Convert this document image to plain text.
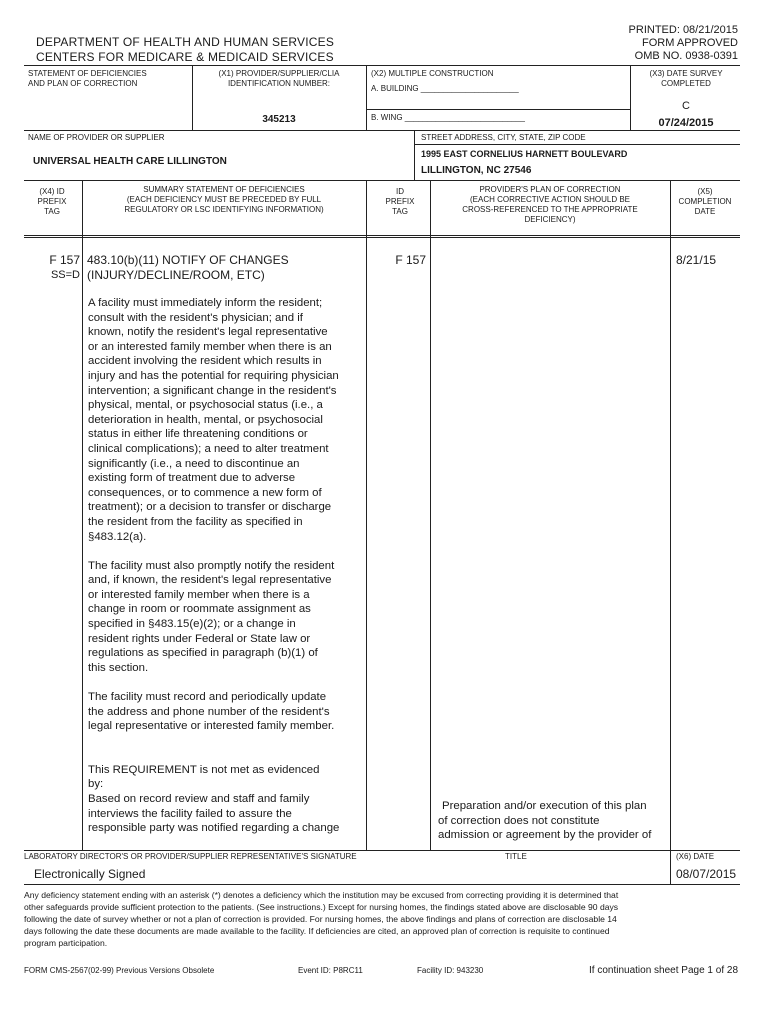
PRINTED: 08/21/2015
FORM APPROVED
OMB NO. 0938-0391
DEPARTMENT OF HEALTH AND HUMAN SERVICES
CENTERS FOR MEDICARE & MEDICAID SERVICES
STATEMENT OF DEFICIENCIES
AND PLAN OF CORRECTION
(X1) PROVIDER/SUPPLIER/CLIA
IDENTIFICATION NUMBER:
345213
(X2) MULTIPLE CONSTRUCTION
A. BUILDING ______________________
B. WING ___________________________
(X3) DATE SURVEY
COMPLETED
C
07/24/2015
NAME OF PROVIDER OR SUPPLIER
UNIVERSAL HEALTH CARE LILLINGTON
STREET ADDRESS, CITY, STATE, ZIP CODE
1995 EAST CORNELIUS HARNETT BOULEVARD
LILLINGTON, NC 27546
(X4) ID
PREFIX
TAG
SUMMARY STATEMENT OF DEFICIENCIES
(EACH DEFICIENCY MUST BE PRECEDED BY FULL
REGULATORY OR LSC IDENTIFYING INFORMATION)
ID
PREFIX
TAG
PROVIDER'S PLAN OF CORRECTION
(EACH CORRECTIVE ACTION SHOULD BE
CROSS-REFERENCED TO THE APPROPRIATE
DEFICIENCY)
(X5)
COMPLETION
DATE
F 157
SS=D
483.10(b)(11) NOTIFY OF CHANGES
(INJURY/DECLINE/ROOM, ETC)
F 157	8/21/15

A facility must immediately inform the resident;
consult with the resident's physician; and if
known, notify the resident's legal representative
or an interested family member when there is an
accident involving the resident which results in
injury and has the potential for requiring physician
intervention; a significant change in the resident's
physical, mental, or psychosocial status (i.e., a
deterioration in health, mental, or psychosocial
status in either life threatening conditions or
clinical complications); a need to alter treatment
significantly (i.e., a need to discontinue an
existing form of treatment due to adverse
consequences, or to commence a new form of
treatment); or a decision to transfer or discharge
the resident from the facility as specified in
§483.12(a).

The facility must also promptly notify the resident
and, if known, the resident's legal representative
or interested family member when there is a
change in room or roommate assignment as
specified in §483.15(e)(2); or a change in
resident rights under Federal or State law or
regulations as specified in paragraph (b)(1) of
this section.

The facility must record and periodically update
the address and phone number of the resident's
legal representative or interested family member.

This REQUIREMENT is not met as evidenced
by:
Based on record review and staff and family
interviews the facility failed to assure the
responsible party was notified regarding a change

Preparation and/or execution of this plan
of correction does not constitute
admission or agreement by the provider of

LABORATORY DIRECTOR'S OR PROVIDER/SUPPLIER REPRESENTATIVE'S SIGNATURE	TITLE	(X6) DATE
Electronically Signed	08/07/2015
Any deficiency statement ending with an asterisk (*) denotes a deficiency which the institution may be excused from correcting providing it is determined that
other safeguards provide sufficient protection to the patients. (See instructions.) Except for nursing homes, the findings stated above are disclosable 90 days
following the date of survey whether or not a plan of correction is provided. For nursing homes, the above findings and plans of correction are disclosable 14
days following the date these documents are made available to the facility. If deficiencies are cited, an approved plan of correction is requisite to continued
program participation.
FORM CMS-2567(02-99) Previous Versions Obsolete	Event ID: P8RC11	Facility ID: 943230	If continuation sheet Page 1 of 28
